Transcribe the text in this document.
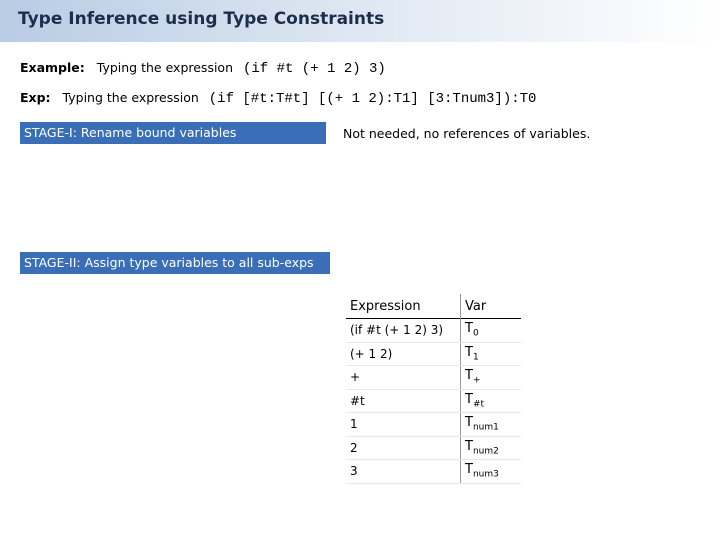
Type Inference using Type Constraints
Example: Typing the expression (if #t (+ 1 2) 3)
Exp: Typing the expression (if [#t:T#t] [(+ 1 2):T1] [3:Tnum3]):T0
STAGE-I: Rename bound variables	Not needed, no references of variables.
STAGE-II: Assign type variables to all sub-exps
Expression	Var
(if #t (+ 1 2) 3)	$T_0$
(+ 1 2)	$T_1$
+	$T_+$
#t	$T_{\#t}$
1	$T_{num1}$
2	$T_{num2}$
3	$T_{num3}$
